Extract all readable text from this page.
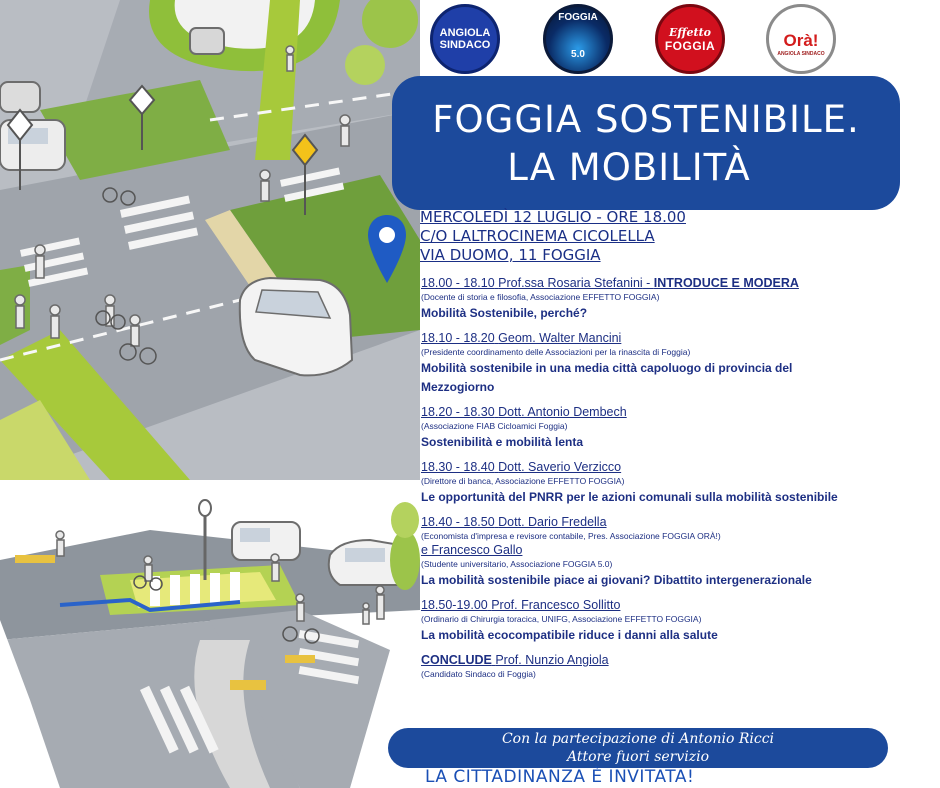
ANGIOLA
SINDACO
FOGGIA
5.0
Effetto
FOGGIA	Orà!
ANGIOLA SINDACO
FOGGIA SOSTENIBILE.
LA MOBILITÀ
MERCOLEDÌ 12 LUGLIO - ORE 18.00
C/O LALTROCINEMA CICOLELLA
VIA DUOMO, 11 FOGGIA
18.00 - 18.10 Prof.ssa Rosaria Stefanini - INTRODUCE E MODERA
(Docente di storia e filosofia, Associazione EFFETTO FOGGIA)
Mobilità Sostenibile, perché?
18.10 - 18.20 Geom. Walter Mancini
(Presidente coordinamento delle Associazioni per la rinascita di Foggia)
Mobilità sostenibile in una media città capoluogo di provincia del Mezzogiorno
18.20 - 18.30 Dott. Antonio Dembech
(Associazione FIAB Cicloamici Foggia)
Sostenibilità e mobilità lenta
18.30 - 18.40 Dott. Saverio Verzicco
(Direttore di banca, Associazione EFFETTO FOGGIA)
Le opportunità del PNRR per le azioni comunali sulla mobilità sostenibile
18.40 - 18.50 Dott. Dario Fredella
(Economista d'impresa e revisore contabile, Pres. Associazione FOGGIA ORÀ!)
e Francesco Gallo
(Studente universitario, Associazione FOGGIA 5.0)
La mobilità sostenibile piace ai giovani? Dibattito intergenerazionale
18.50-19.00 Prof. Francesco Sollitto
(Ordinario di Chirurgia toracica, UNIFG, Associazione EFFETTO FOGGIA)
La mobilità ecocompatibile riduce i danni alla salute
CONCLUDE Prof. Nunzio Angiola
(Candidato Sindaco di Foggia)
Con la partecipazione di Antonio Ricci
Attore fuori servizio
LA CITTADINANZA È INVITATA!
